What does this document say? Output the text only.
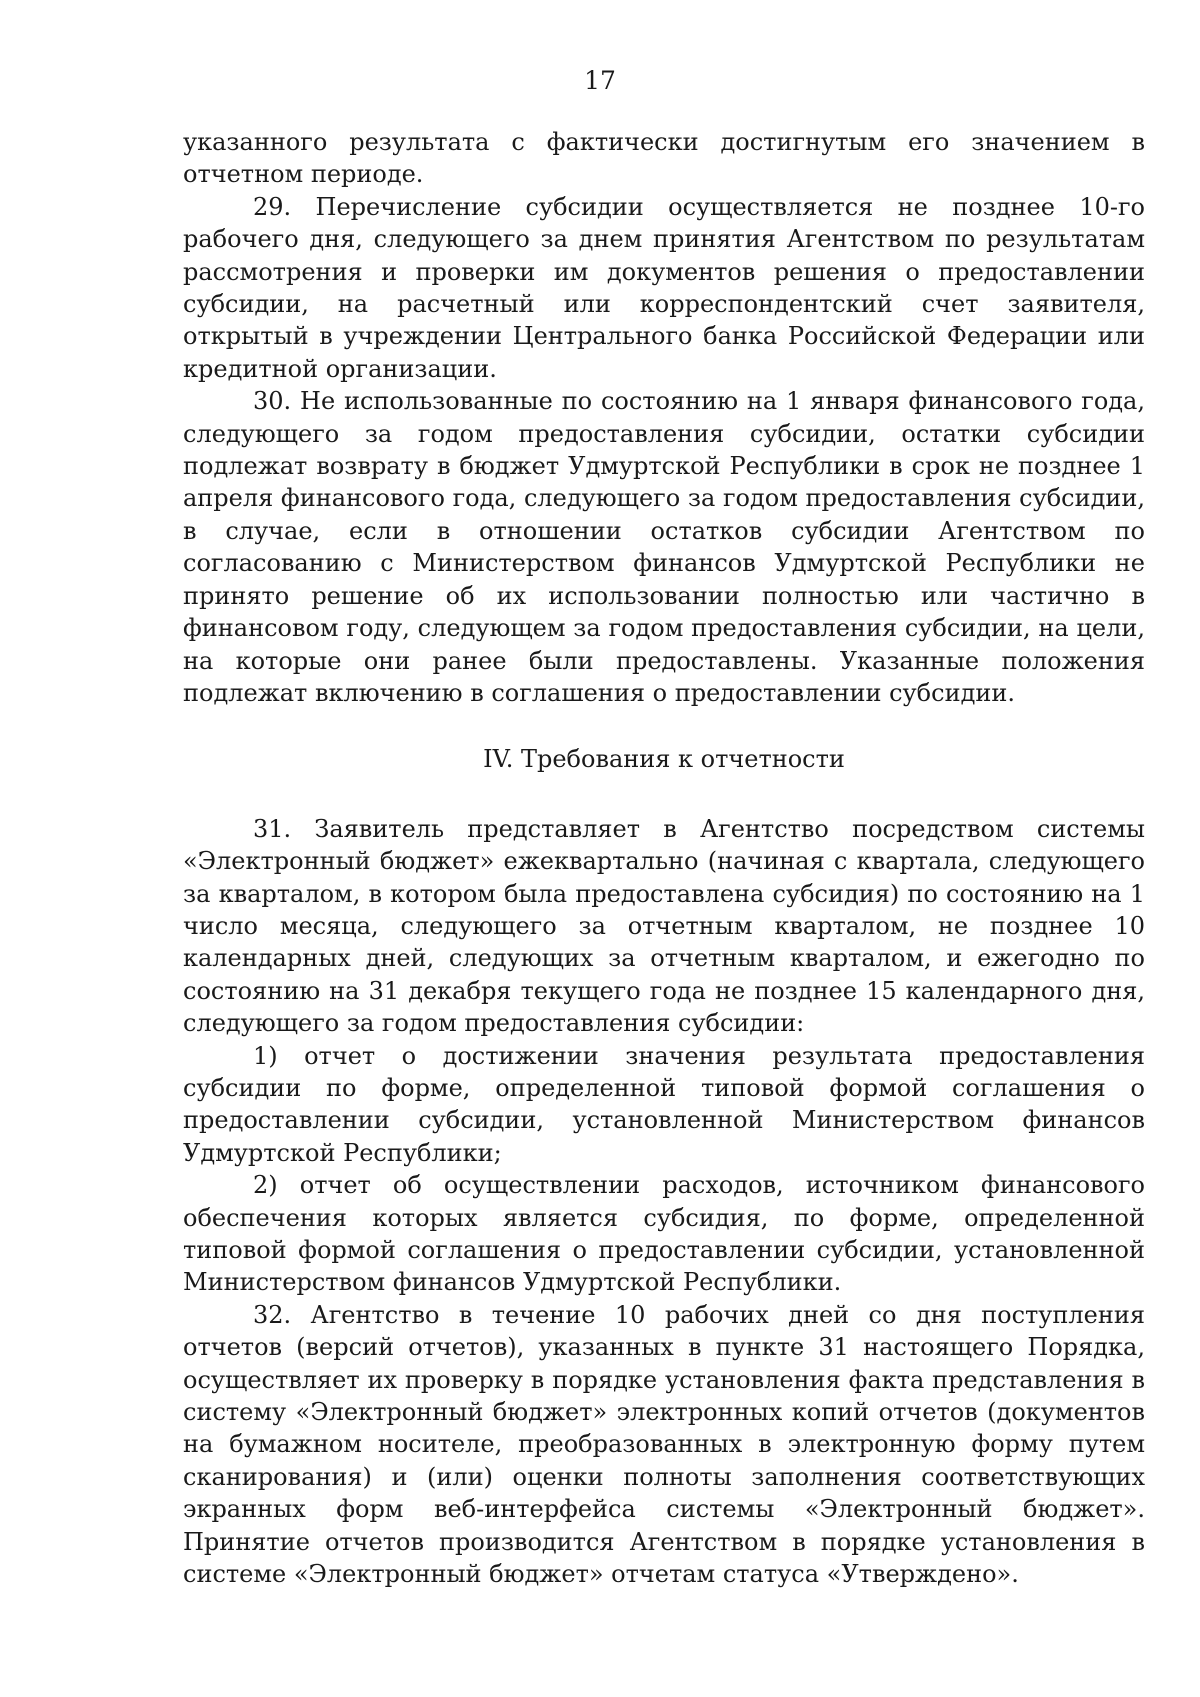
17

указанного результата с фактически достигнутым его значением в отчетном периоде.

29. Перечисление субсидии осуществляется не позднее 10-го рабочего дня, следующего за днем принятия Агентством по результатам рассмотрения и проверки им документов решения о предоставлении субсидии, на расчетный или корреспондентский счет заявителя, открытый в учреждении Центрального банка Российской Федерации или кредитной организации.

30. Не использованные по состоянию на 1 января финансового года, следующего за годом предоставления субсидии, остатки субсидии подлежат возврату в бюджет Удмуртской Республики в срок не позднее 1 апреля финансового года, следующего за годом предоставления субсидии, в случае, если в отношении остатков субсидии Агентством по согласованию с Министерством финансов Удмуртской Республики не принято решение об их использовании полностью или частично в финансовом году, следующем за годом предоставления субсидии, на цели, на которые они ранее были предоставлены. Указанные положения подлежат включению в соглашения о предоставлении субсидии.

IV. Требования к отчетности

31. Заявитель представляет в Агентство посредством системы «Электронный бюджет» ежеквартально (начиная с квартала, следующего за кварталом, в котором была предоставлена субсидия) по состоянию на 1 число месяца, следующего за отчетным кварталом, не позднее 10 календарных дней, следующих за отчетным кварталом, и ежегодно по состоянию на 31 декабря текущего года не позднее 15 календарного дня, следующего за годом предоставления субсидии:

1) отчет о достижении значения результата предоставления субсидии по форме, определенной типовой формой соглашения о предоставлении субсидии, установленной Министерством финансов Удмуртской Республики;

2) отчет об осуществлении расходов, источником финансового обеспечения которых является субсидия, по форме, определенной типовой формой соглашения о предоставлении субсидии, установленной Министерством финансов Удмуртской Республики.

32. Агентство в течение 10 рабочих дней со дня поступления отчетов (версий отчетов), указанных в пункте 31 настоящего Порядка, осуществляет их проверку в порядке установления факта представления в систему «Электронный бюджет» электронных копий отчетов (документов на бумажном носителе, преобразованных в электронную форму путем сканирования) и (или) оценки полноты заполнения соответствующих экранных форм веб-интерфейса системы «Электронный бюджет». Принятие отчетов производится Агентством в порядке установления в системе «Электронный бюджет» отчетам статуса «Утверждено».
